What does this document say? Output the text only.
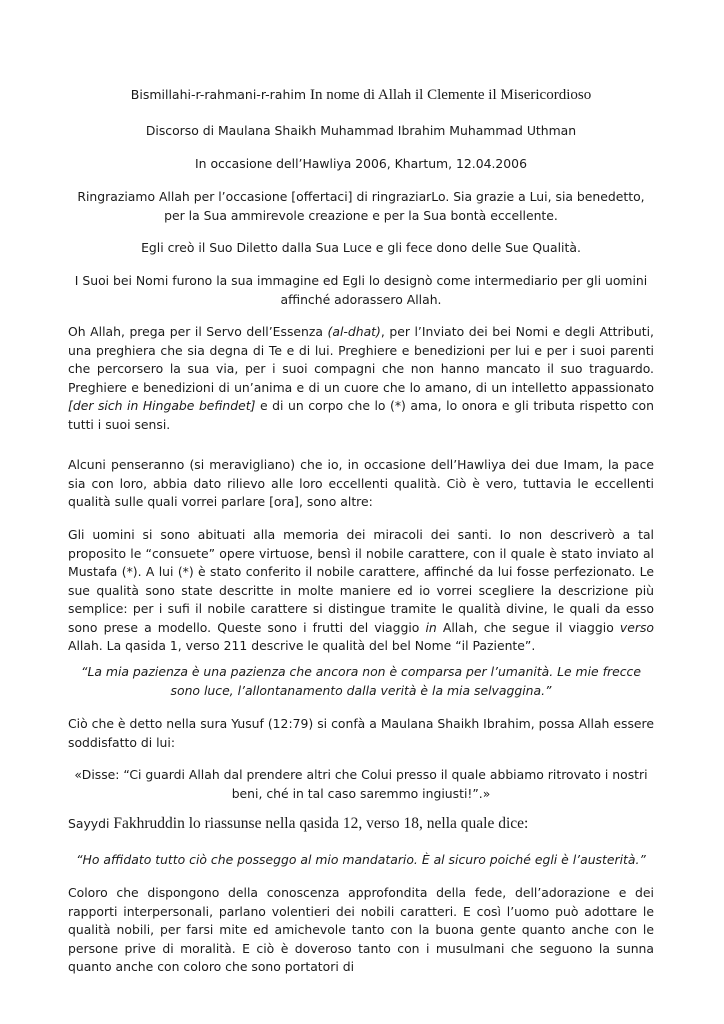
Bismillahi-r-rahmani-r-rahim In nome di Allah il Clemente il Misericordioso
Discorso di Maulana Shaikh Muhammad Ibrahim Muhammad Uthman
In occasione dell’Hawliya 2006, Khartum, 12.04.2006
Ringraziamo Allah per l’occasione [offertaci] di ringraziarLo. Sia grazie a Lui, sia benedetto, per la Sua ammirevole creazione e per la Sua bontà eccellente.
Egli creò il Suo Diletto dalla Sua Luce e gli fece dono delle Sue Qualità.
I Suoi bei Nomi furono la sua immagine ed Egli lo designò come intermediario per gli uomini affinché adorassero Allah.
Oh Allah, prega per il Servo dell’Essenza (al-dhat), per l’Inviato dei bei Nomi e degli Attributi, una preghiera che sia degna di Te e di lui. Preghiere e benedizioni per lui e per i suoi parenti che percorsero la sua via, per i suoi compagni che non hanno mancato il suo traguardo. Preghiere e benedizioni di un’anima e di un cuore che lo amano, di un intelletto appassionato [der sich in Hingabe befindet] e di un corpo che lo (*) ama, lo onora e gli tributa rispetto con tutti i suoi sensi.
Alcuni penseranno (si meravigliano) che io, in occasione dell’Hawliya dei due Imam, la pace sia con loro, abbia dato rilievo alle loro eccellenti qualità. Ciò è vero, tuttavia le eccellenti qualità sulle quali vorrei parlare [ora], sono altre:
Gli uomini si sono abituati alla memoria dei miracoli dei santi. Io non descriverò a tal proposito le “consuete” opere virtuose, bensì il nobile carattere, con il quale è stato inviato al Mustafa (*). A lui (*) è stato conferito il nobile carattere, affinché da lui fosse perfezionato. Le sue qualità sono state descritte in molte maniere ed io vorrei scegliere la descrizione più semplice: per i sufi il nobile carattere si distingue tramite le qualità divine, le quali da esso sono prese a modello. Queste sono i frutti del viaggio in Allah, che segue il viaggio verso Allah. La qasida 1, verso 211 descrive le qualità del bel Nome “il Paziente”.
“La mia pazienza è una pazienza che ancora non è comparsa per l’umanità. Le mie frecce sono luce, l’allontanamento dalla verità è la mia selvaggina.”
Ciò che è detto nella sura Yusuf (12:79) si confà a Maulana Shaikh Ibrahim, possa Allah essere soddisfatto di lui:
«Disse: “Ci guardi Allah dal prendere altri che Colui presso il quale abbiamo ritrovato i nostri beni, ché in tal caso saremmo ingiusti!”.»
Sayydi Fakhruddin lo riassunse nella qasida 12, verso 18, nella quale dice:
“Ho affidato tutto ciò che posseggo al mio mandatario. È al sicuro poiché egli è l’austerità.”
Coloro che dispongono della conoscenza approfondita della fede, dell’adorazione e dei rapporti interpersonali, parlano volentieri dei nobili caratteri. E così l’uomo può adottare le qualità nobili, per farsi mite ed amichevole tanto con la buona gente quanto anche con le persone prive di moralità. E ciò è doveroso tanto con i musulmani che seguono la sunna quanto anche con coloro che sono portatori di
